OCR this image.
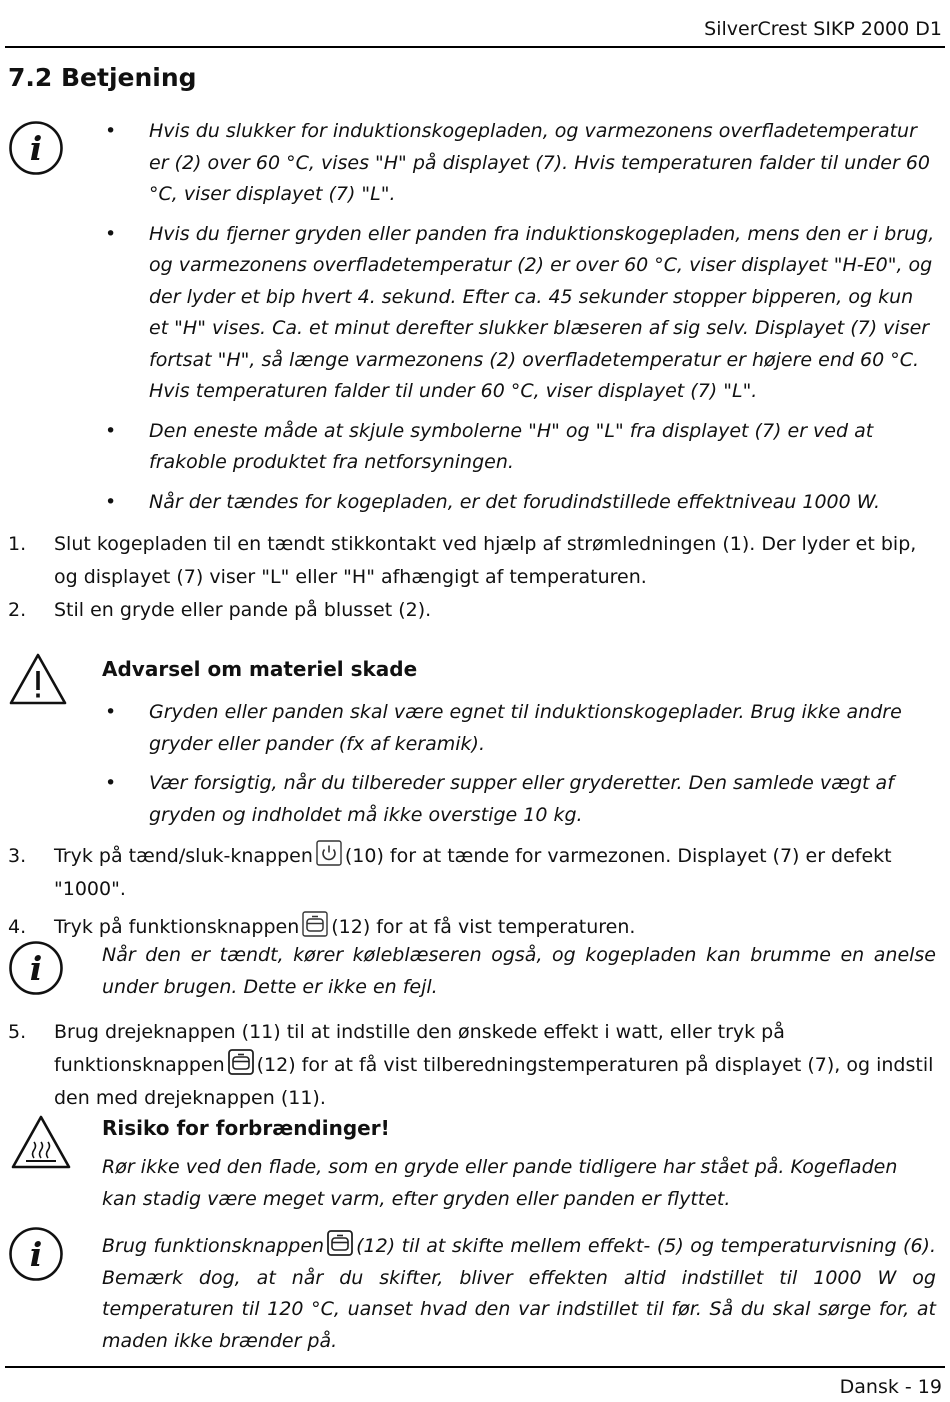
SilverCrest SIKP 2000 D1
7.2 Betjening
i	• Hvis du slukker for induktionskogepladen, og varmezonens overfladetemperatur er (2) over 60 °C, vises "H" på displayet (7). Hvis temperaturen falder til under 60 °C, viser displayet (7) "L".
• Hvis du fjerner gryden eller panden fra induktionskogepladen, mens den er i brug, og varmezonens overfladetemperatur (2) er over 60 °C, viser displayet "H-E0", og der lyder et bip hvert 4. sekund. Efter ca. 45 sekunder stopper bipperen, og kun et "H" vises. Ca. et minut derefter slukker blæseren af sig selv. Displayet (7) viser fortsat "H", så længe varmezonens (2) overfladetemperatur er højere end 60 °C. Hvis temperaturen falder til under 60 °C, viser displayet (7) "L".
• Den eneste måde at skjule symbolerne "H" og "L" fra displayet (7) er ved at frakoble produktet fra netforsyningen.
• Når der tændes for kogepladen, er det forudindstillede effektniveau 1000 W.
1. Slut kogepladen til en tændt stikkontakt ved hjælp af strømledningen (1). Der lyder et bip, og displayet (7) viser "L" eller "H" afhængigt af temperaturen.
2. Stil en gryde eller pande på blusset (2).
Advarsel om materiel skade
• Gryden eller panden skal være egnet til induktionskogeplader. Brug ikke andre gryder eller pander (fx af keramik).
• Vær forsigtig, når du tilbereder supper eller gryderetter. Den samlede vægt af gryden og indholdet må ikke overstige 10 kg.
3. Tryk på tænd/sluk-knappen (10) for at tænde for varmezonen. Displayet (7) er defekt "1000".
4. Tryk på funktionsknappen (12) for at få vist temperaturen.
i	Når den er tændt, kører køleblæseren også, og kogepladen kan brumme en anelse under brugen. Dette er ikke en fejl.
5. Brug drejeknappen (11) til at indstille den ønskede effekt i watt, eller tryk på funktionsknappen (12) for at få vist tilberedningstemperaturen på displayet (7), og indstil den med drejeknappen (11).
Risiko for forbrændinger!
Rør ikke ved den flade, som en gryde eller pande tidligere har stået på. Kogefladen kan stadig være meget varm, efter gryden eller panden er flyttet.
i	Brug funktionsknappen (12) til at skifte mellem effekt- (5) og temperaturvisning (6). Bemærk dog, at når du skifter, bliver effekten altid indstillet til 1000 W og temperaturen til 120 °C, uanset hvad den var indstillet til før. Så du skal sørge for, at maden ikke brænder på.
Dansk - 19
